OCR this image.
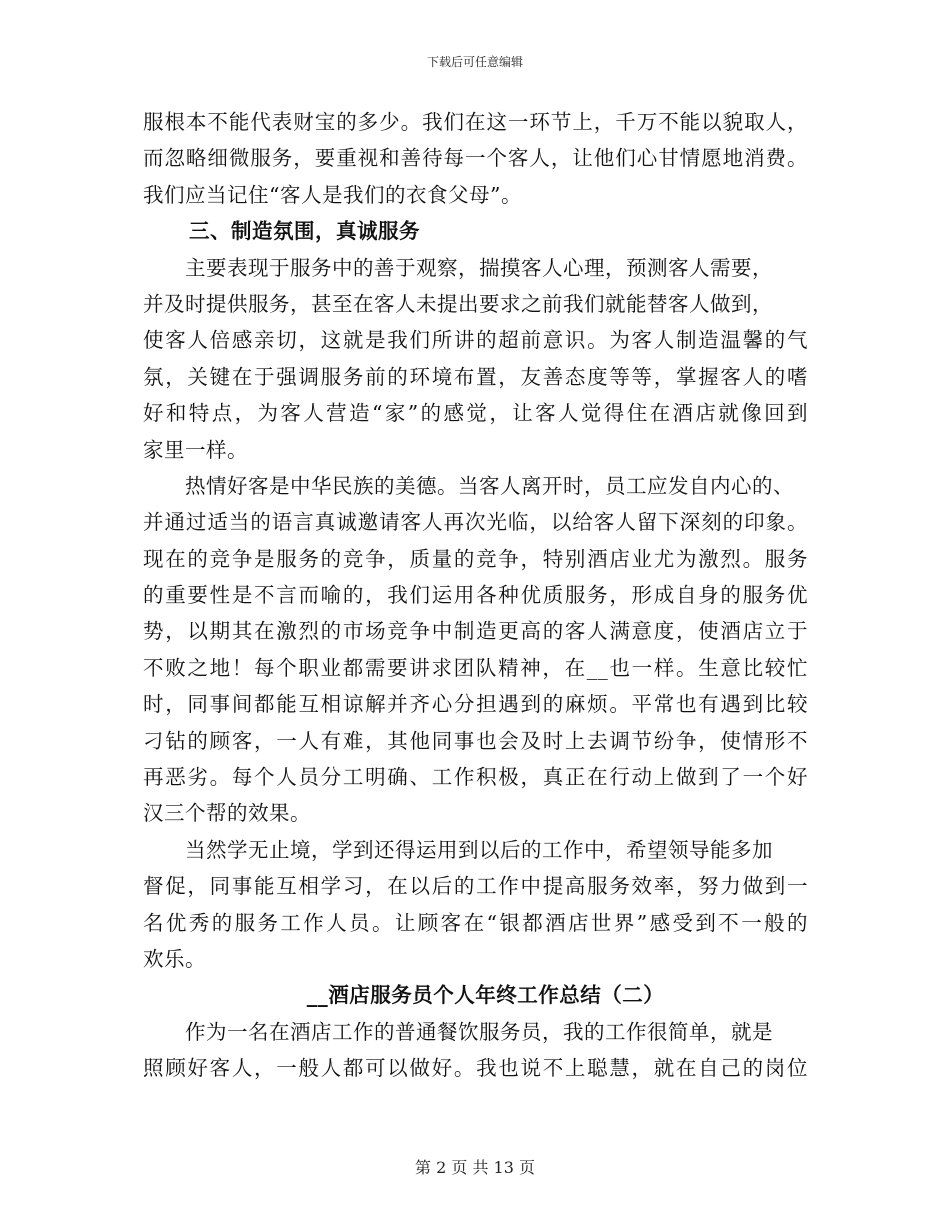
下载后可任意编辑
服根本不能代表财宝的多少。我们在这一环节上，千万不能以貌取人，
而忽略细微服务，要重视和善待每一个客人，让他们心甘情愿地消费。
我们应当记住“客人是我们的衣食父母”。
三、制造氛围，真诚服务
主要表现于服务中的善于观察，揣摸客人心理，预测客人需要，
并及时提供服务，甚至在客人未提出要求之前我们就能替客人做到，
使客人倍感亲切，这就是我们所讲的超前意识。为客人制造温馨的气
氛，关键在于强调服务前的环境布置，友善态度等等，掌握客人的嗜
好和特点，为客人营造“家”的感觉，让客人觉得住在酒店就像回到
家里一样。
热情好客是中华民族的美德。当客人离开时，员工应发自内心的、
并通过适当的语言真诚邀请客人再次光临，以给客人留下深刻的印象。
现在的竞争是服务的竞争，质量的竞争，特别酒店业尤为激烈。服务
的重要性是不言而喻的，我们运用各种优质服务，形成自身的服务优
势，以期其在激烈的市场竞争中制造更高的客人满意度，使酒店立于
不败之地！每个职业都需要讲求团队精神，在__也一样。生意比较忙
时，同事间都能互相谅解并齐心分担遇到的麻烦。平常也有遇到比较
刁钻的顾客，一人有难，其他同事也会及时上去调节纷争，使情形不
再恶劣。每个人员分工明确、工作积极，真正在行动上做到了一个好
汉三个帮的效果。
当然学无止境，学到还得运用到以后的工作中，希望领导能多加
督促，同事能互相学习，在以后的工作中提高服务效率，努力做到一
名优秀的服务工作人员。让顾客在“银都酒店世界”感受到不一般的
欢乐。
__酒店服务员个人年终工作总结（二）
作为一名在酒店工作的普通餐饮服务员，我的工作很简单，就是
照顾好客人，一般人都可以做好。我也说不上聪慧，就在自己的岗位
第 2 页 共 13 页
